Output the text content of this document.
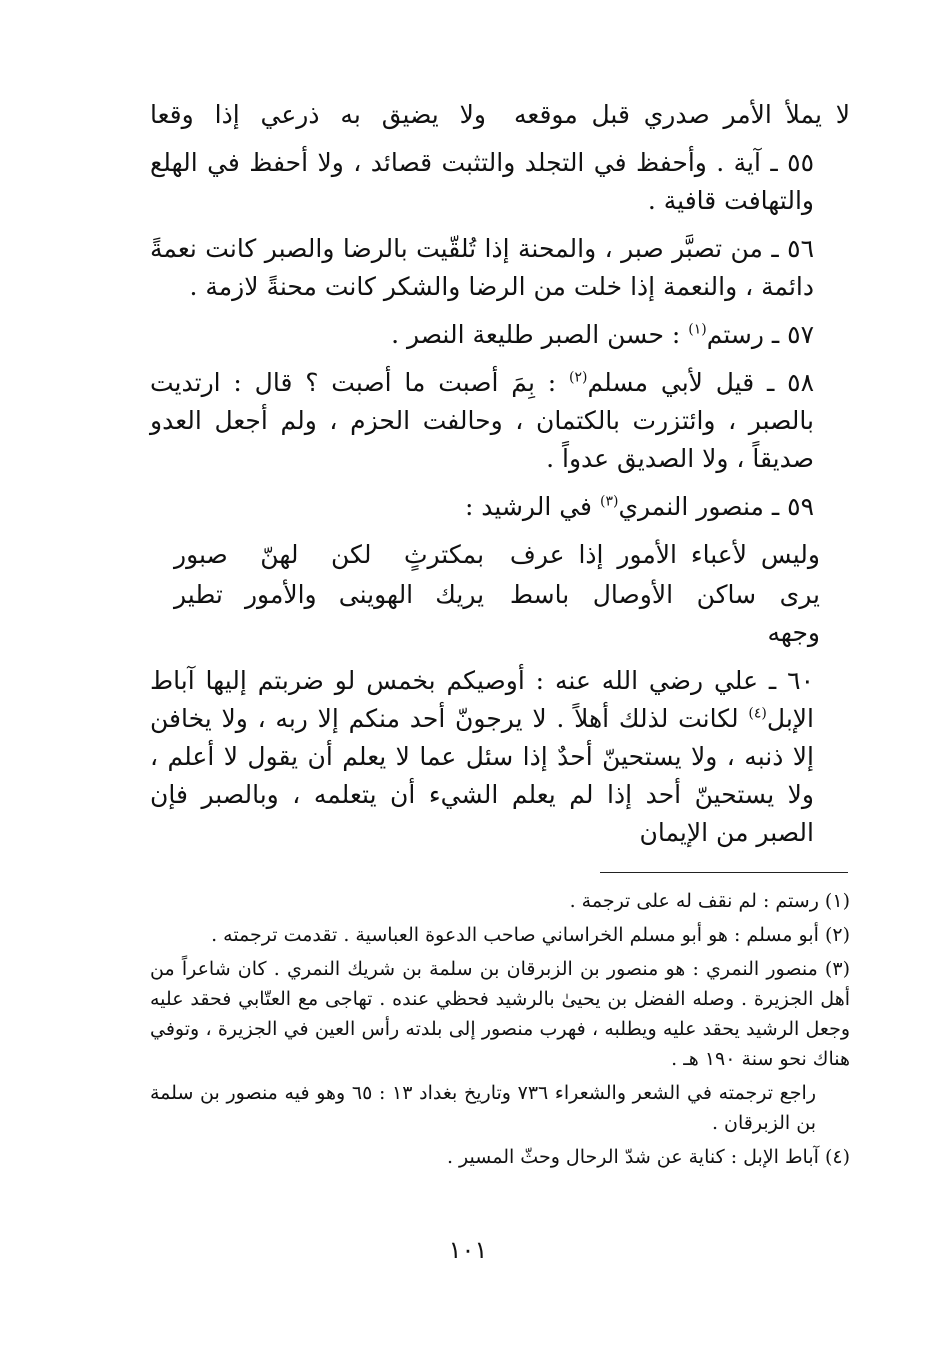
لا يملأ الأمر صدري قبل موقعه
ولا يضيق به ذرعي إذا وقعا

٥٥ ـ آية . وأحفظ في التجلد والتثبت قصائد ، ولا أحفظ في الهلع والتهافت قافية .

٥٦ ـ من تصبَّر صبر ، والمحنة إذا تُلقّيت بالرضا والصبر كانت نعمةً دائمة ، والنعمة إذا خلت من الرضا والشكر كانت محنةً لازمة .

٥٧ ـ رستم$^{(١)}$ : حسن الصبر طليعة النصر .

٥٨ ـ قيل لأبي مسلم$^{(٢)}$ : بِمَ أصبت ما أصبت ؟ قال : ارتديت بالصبر ، وائتزرت بالكتمان ، وحالفت الحزم ، ولم أجعل العدو صديقاً ، ولا الصديق عدواً .

٥٩ ـ منصور النمري$^{(٣)}$ في الرشيد :

وليس لأعباء الأمور إذا عرف
بمكترثٍ لكن لهنّ صبور
يرى ساكن الأوصال باسط وجهه
يريك الهوينى والأمور تطير

٦٠ ـ علي رضي الله عنه : أوصيكم بخمس لو ضربتم إليها آباط الإبل$^{(٤)}$ لكانت لذلك أهلاً . لا يرجونّ أحد منكم إلا ربه ، ولا يخافن إلا ذنبه ، ولا يستحينّ أحدٌ إذا سئل عما لا يعلم أن يقول لا أعلم ، ولا يستحينّ أحد إذا لم يعلم الشيء أن يتعلمه ، وبالصبر فإن الصبر من الإيمان

(١) رستم : لم نقف له على ترجمة .

(٢) أبو مسلم : هو أبو مسلم الخراساني صاحب الدعوة العباسية . تقدمت ترجمته .

(٣) منصور النمري : هو منصور بن الزبرقان بن سلمة بن شريك النمري . كان شاعراً من أهل الجزيرة . وصله الفضل بن يحيىٰ بالرشيد فحظي عنده . تهاجى مع العتّابي فحقد عليه وجعل الرشيد يحقد عليه ويطلبه ، فهرب منصور إلى بلدته رأس العين في الجزيرة ، وتوفي هناك نحو سنة ١٩٠ هـ .

راجع ترجمته في الشعر والشعراء ٧٣٦ وتاريخ بغداد ١٣ : ٦٥ وهو فيه منصور بن سلمة بن الزبرقان .

(٤) آباط الإبل : كناية عن شدّ الرحال وحثّ المسير .

١٠١
